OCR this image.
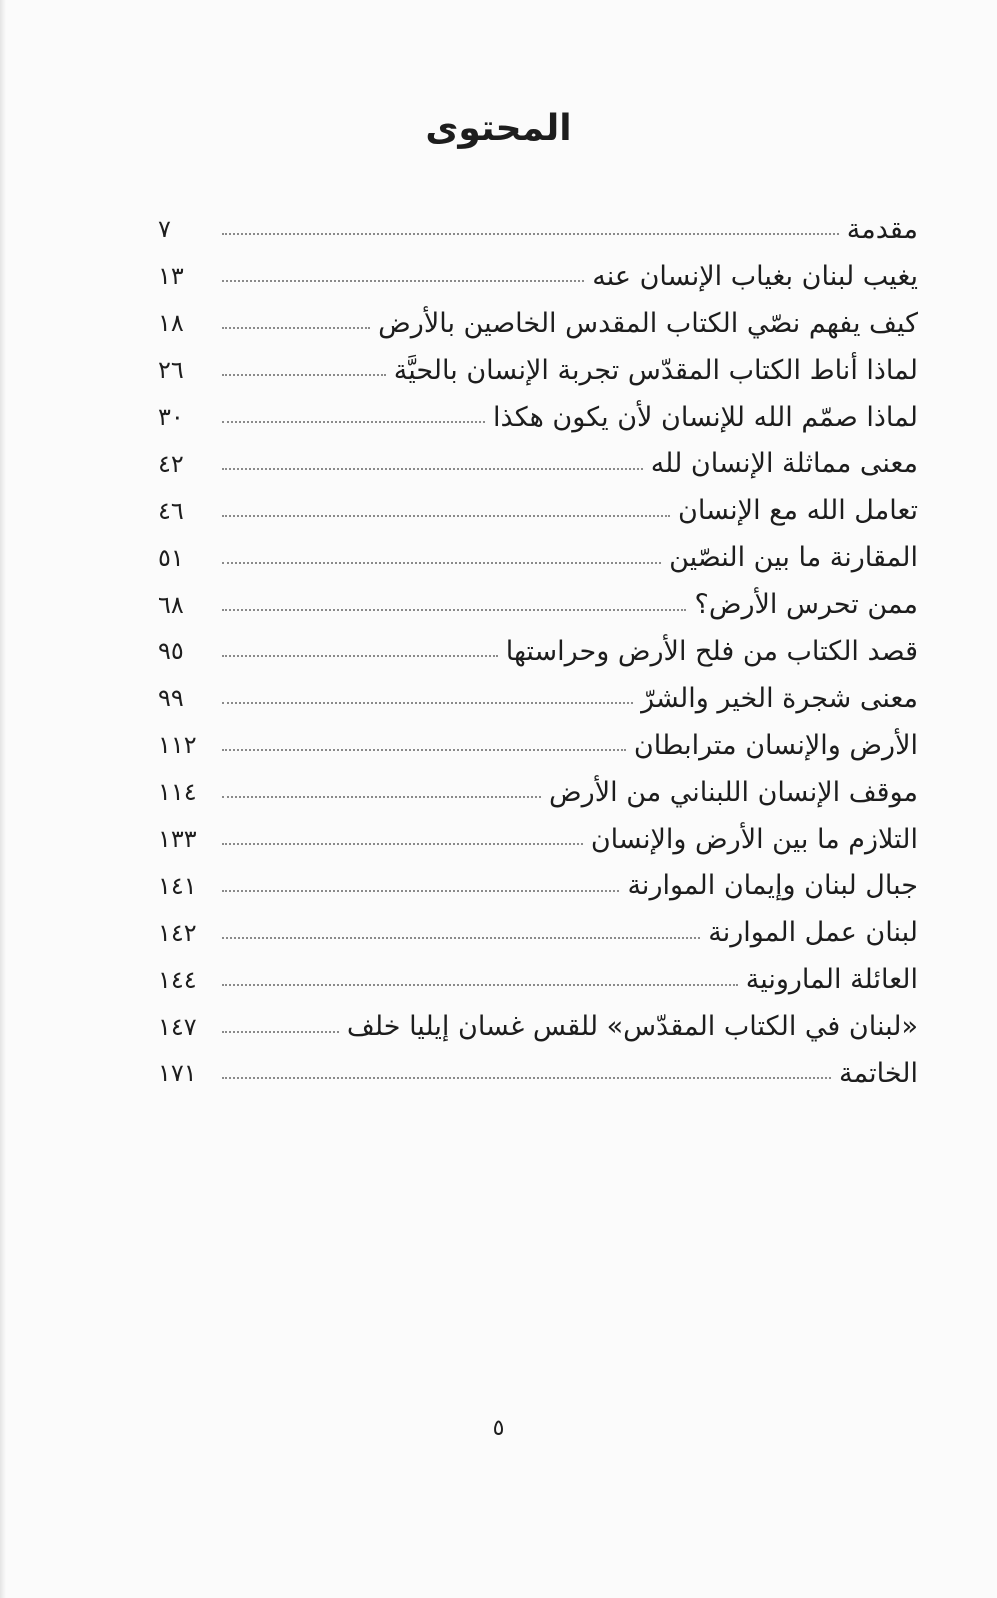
المحتوى
٧	مقدمة
١٣	يغيب لبنان بغياب الإنسان عنه
١٨	كيف يفهم نصّي الكتاب المقدس الخاصين بالأرض
٢٦	لماذا أناط الكتاب المقدّس تجربة الإنسان بالحيَّة
٣٠	لماذا صمّم الله للإنسان لأن يكون هكذا
٤٢	معنى مماثلة الإنسان لله
٤٦	تعامل الله مع الإنسان
٥١	المقارنة ما بين النصّين
٦٨	ممن تحرس الأرض؟
٩٥	قصد الكتاب من فلح الأرض وحراستها
٩٩	معنى شجرة الخير والشرّ
١١٢	الأرض والإنسان مترابطان
١١٤	موقف الإنسان اللبناني من الأرض
١٣٣	التلازم ما بين الأرض والإنسان
١٤١	جبال لبنان وإيمان الموارنة
١٤٢	لبنان عمل الموارنة
١٤٤	العائلة المارونية
١٤٧	«لبنان في الكتاب المقدّس» للقس غسان إيليا خلف
١٧١	الخاتمة
٥
